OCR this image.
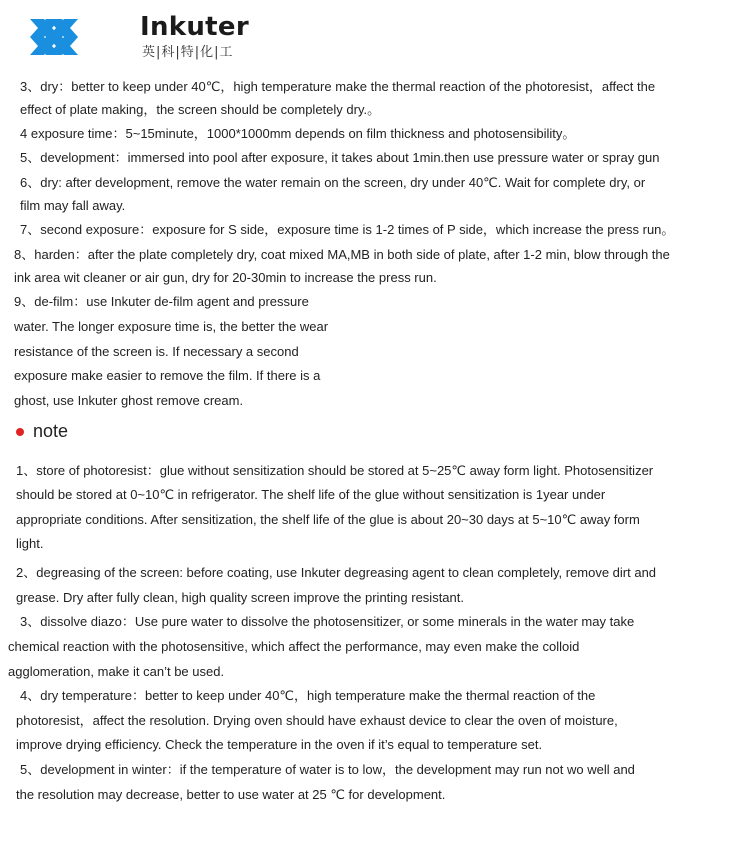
Inkuter
英|科|特|化|工
3、dry：better to keep under 40℃，high temperature make the thermal reaction of the photoresist，affect the
effect of plate making，the screen should be completely dry.。
4 exposure time：5~15minute，1000*1000mm depends on film thickness and photosensibility。
5、development：immersed into pool after exposure, it takes about 1min.then use pressure water or spray gun
6、dry: after development, remove the water remain on the screen, dry under 40℃. Wait for complete dry, or
film may fall away.
7、second exposure：exposure for S side，exposure time is 1-2 times of P side，which increase the press run。
8、harden：after the plate completely dry, coat mixed MA,MB in both side of plate, after 1-2 min, blow through the
ink area wit cleaner or air gun, dry for 20-30min to increase the press run.
9、de-film：use Inkuter de-film agent and pressure
water. The longer exposure time is, the better the wear
resistance of the screen is. If necessary a second
exposure make easier to remove the film. If there is a
ghost, use Inkuter ghost remove cream.
note
1、store of photoresist：glue without sensitization should be stored at 5~25℃ away form light. Photosensitizer
should be stored at 0~10℃ in refrigerator. The shelf life of the glue without sensitization is 1year under
appropriate conditions. After sensitization, the shelf life of the glue is about 20~30 days at 5~10℃ away form
light.
2、degreasing of the screen: before coating, use Inkuter degreasing agent to clean completely, remove dirt and
grease. Dry after fully clean, high quality screen improve the printing resistant.
3、dissolve diazo：Use pure water to dissolve the photosensitizer, or some minerals in the water may take
chemical reaction with the photosensitive, which affect the performance, may even make the colloid
agglomeration, make it can’t be used.
4、dry temperature：better to keep under 40℃，high temperature make the thermal reaction of the
photoresist，affect the resolution. Drying oven should have exhaust device to clear the oven of moisture,
improve drying efficiency. Check the temperature in the oven if it’s equal to temperature set.
5、development in winter：if the temperature of water is to low，the development may run not wo well and
the resolution may decrease, better to use water at 25 ℃ for development.
